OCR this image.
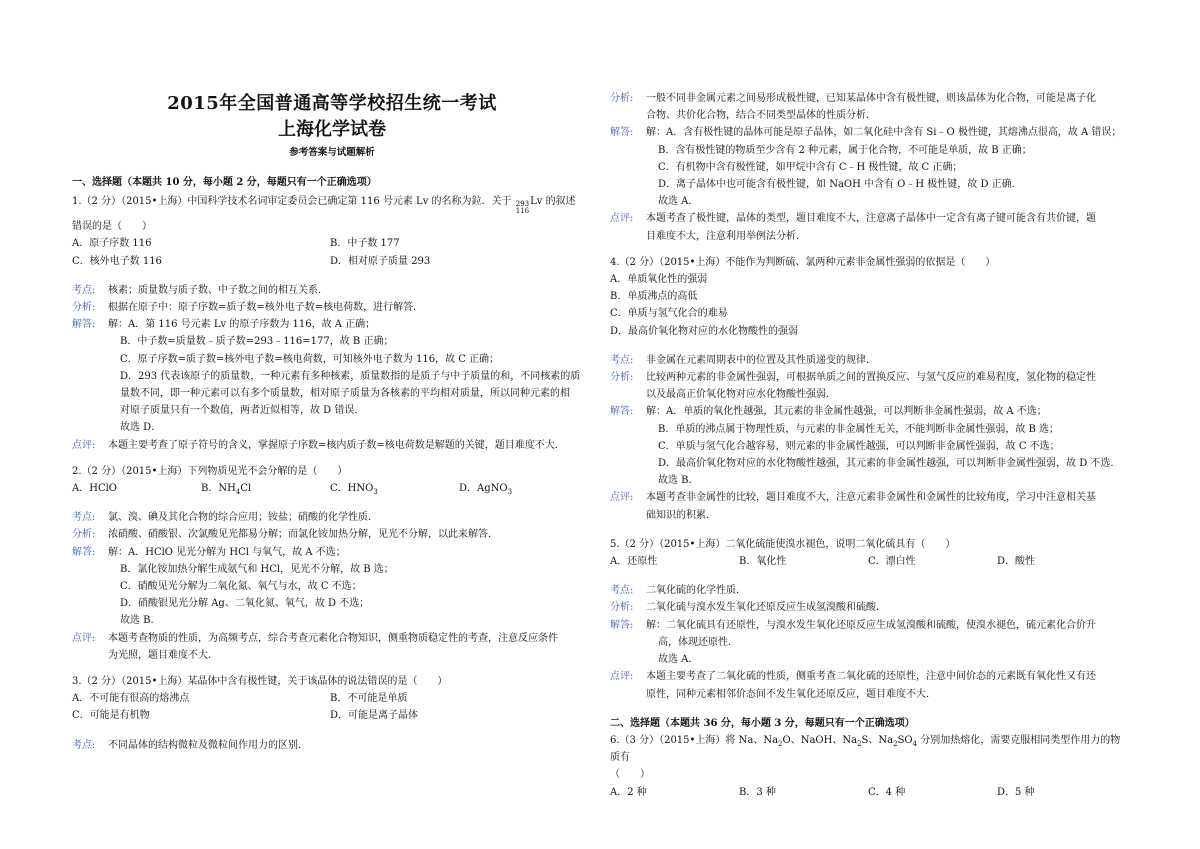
2015年全国普通高等学校招生统一考试

上海化学试卷

参考答案与试题解析

一、选择题（本题共 10 分，每小题 2 分，每题只有一个正确选项）

1.（2 分）（2015•上海）中国科学技术名词审定委员会已确定第 116 号元素 Lv 的名称为鉝．关于 293
116
Lv 的叙述

错误的是（　　）

A．原子序数 116	B．中子数 177
C．核外电子数 116	D．相对原子质量 293
考点:	核素；质量数与质子数、中子数之间的相互关系．
分析:	根据在原子中：原子序数=质子数=核外电子数=核电荷数，进行解答．
解答:	解：A．第 116 号元素 Lv 的原子序数为 116，故 A 正确；
B．中子数=质量数﹣质子数=293﹣116=177，故 B 正确；
C．原子序数=质子数=核外电子数=核电荷数，可知核外电子数为 116，故 C 正确；
D．293 代表该原子的质量数，一种元素有多种核素，质量数指的是质子与中子质量的和，不同核素的质
量数不同，即一种元素可以有多个质量数，相对原子质量为各核素的平均相对质量，所以同种元素的相
对原子质量只有一个数值，两者近似相等，故 D 错误．
故选 D．
点评:	本题主要考查了原子符号的含义，掌握原子序数=核内质子数=核电荷数是解题的关键，题目难度不大．

2.（2 分）（2015•上海）下列物质见光不会分解的是（　　）

A．HClO	B．$NH_4Cl$	C．$HNO_3$	D．AgNO$_3$
考点:	氯、溴、碘及其化合物的综合应用；铵盐；硝酸的化学性质．
分析:	浓硝酸、硝酸银、次氯酸见光都易分解；而氯化铵加热分解，见光不分解，以此来解答．
解答:	解：A．HClO 见光分解为 HCl 与氧气，故 A 不选；
B．氯化铵加热分解生成氨气和 HCl，见光不分解，故 B 选；
C．硝酸见光分解为二氧化氮、氧气与水，故 C 不选；
D．硝酸银见光分解 Ag、二氧化氮、氧气，故 D 不选；
故选 B．
点评:	本题考查物质的性质，为高频考点，综合考查元素化合物知识，侧重物质稳定性的考查，注意反应条件
为光照，题目难度不大．

3.（2 分）（2015•上海）某晶体中含有极性键，关于该晶体的说法错误的是（　　）

A．不可能有很高的熔沸点	B．不可能是单质
C．可能是有机物	D．可能是离子晶体
考点:	不同晶体的结构微粒及微粒间作用力的区别．
分析:	一般不同非金属元素之间易形成极性键，已知某晶体中含有极性键，则该晶体为化合物，可能是离子化
合物、共价化合物，结合不同类型晶体的性质分析．
解答:	解：A．含有极性键的晶体可能是原子晶体，如二氧化硅中含有 Si﹣O 极性键，其熔沸点很高，故 A 错误；
B．含有极性键的物质至少含有 2 种元素，属于化合物，不可能是单质，故 B 正确；
C．有机物中含有极性键，如甲烷中含有 C﹣H 极性键，故 C 正确；
D．离子晶体中也可能含有极性键，如 NaOH 中含有 O﹣H 极性键，故 D 正确．
故选 A．
点评:	本题考查了极性键，晶体的类型，题目难度不大，注意离子晶体中一定含有离子键可能含有共价键，题
目难度不大，注意利用举例法分析．

4.（2 分）（2015•上海）不能作为判断硫、氯两种元素非金属性强弱的依据是（　　）

A．单质氧化性的强弱

B．单质沸点的高低

C．单质与氢气化合的难易

D．最高价氧化物对应的水化物酸性的强弱

考点:	非金属在元素周期表中的位置及其性质递变的规律．
分析:	比较两种元素的非金属性强弱，可根据单质之间的置换反应、与氢气反应的难易程度，氢化物的稳定性
以及最高正价氧化物对应水化物酸性强弱．
解答:	解：A．单质的氧化性越强，其元素的非金属性越强，可以判断非金属性强弱，故 A 不选；
B．单质的沸点属于物理性质，与元素的非金属性无关，不能判断非金属性强弱，故 B 选；
C．单质与氢气化合越容易，则元素的非金属性越强，可以判断非金属性强弱，故 C 不选；
D．最高价氧化物对应的水化物酸性越强，其元素的非金属性越强，可以判断非金属性强弱，故 D 不选．
故选 B．
点评:	本题考查非金属性的比较，题目难度不大，注意元素非金属性和金属性的比较角度，学习中注意相关基
础知识的积累．

5.（2 分）（2015•上海）二氧化硫能使溴水褪色，说明二氧化硫具有（　　）

A．还原性	B．氧化性	C．漂白性	D．酸性
考点:	二氧化硫的化学性质．
分析:	二氧化硫与溴水发生氧化还原反应生成氢溴酸和硫酸．
解答:	解：二氧化硫具有还原性，与溴水发生氧化还原反应生成氢溴酸和硫酸，使溴水褪色，硫元素化合价升
高，体现还原性．
故选 A．
点评:	本题主要考查了二氧化硫的性质，侧重考查二氧化硫的还原性，注意中间价态的元素既有氧化性又有还
原性，同种元素相邻价态间不发生氧化还原反应，题目难度不大．

二、选择题（本题共 36 分，每小题 3 分，每题只有一个正确选项）

6.（3 分）（2015•上海）将 Na、$Na_2O$、NaOH、$Na_2S$、$Na_2SO_4$ 分别加热熔化，需要克服相同类型作用力的物质有

（　　）

A．2 种	B．3 种	C．4 种	D．5 种
